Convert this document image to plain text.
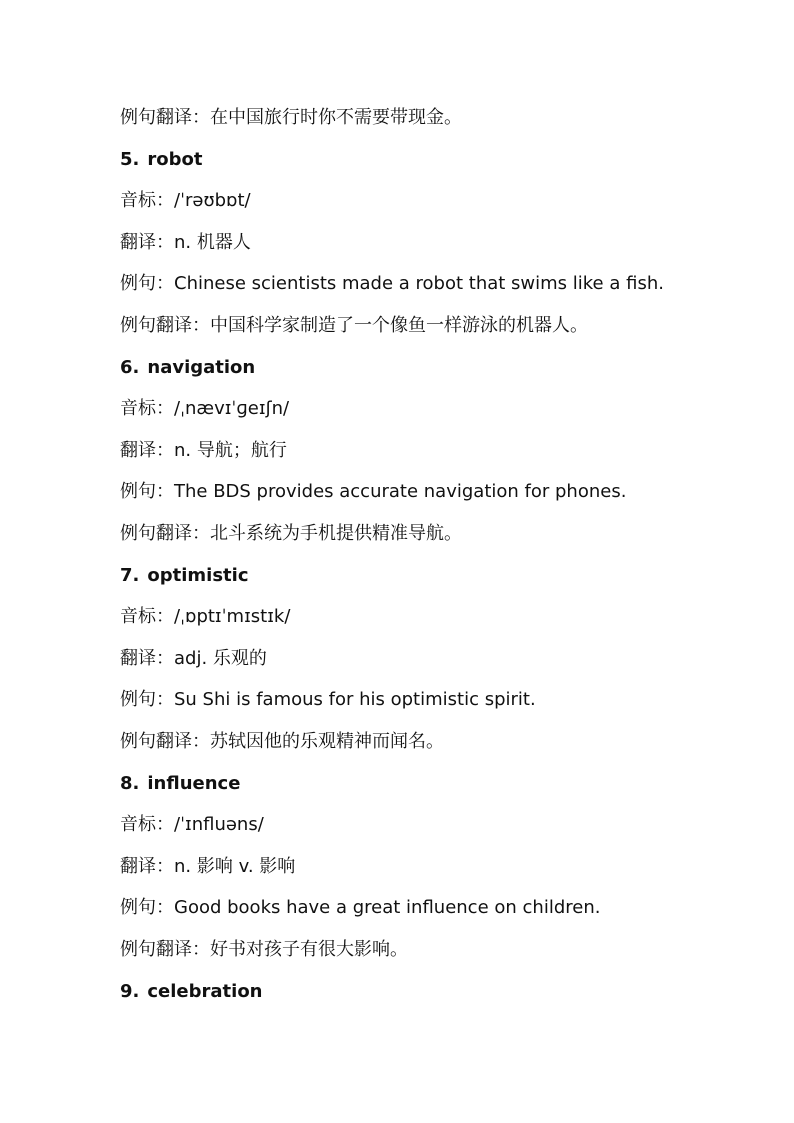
例句翻译：在中国旅行时你不需要带现金。
5. robot
音标：/ˈrəʊbɒt/
翻译：n. 机器人
例句：Chinese scientists made a robot that swims like a fish.
例句翻译：中国科学家制造了一个像鱼一样游泳的机器人。
6. navigation
音标：/ˌnævɪˈɡeɪʃn/
翻译：n. 导航；航行
例句：The BDS provides accurate navigation for phones.
例句翻译：北斗系统为手机提供精准导航。
7. optimistic
音标：/ˌɒptɪˈmɪstɪk/
翻译：adj. 乐观的
例句：Su Shi is famous for his optimistic spirit.
例句翻译：苏轼因他的乐观精神而闻名。
8. influence
音标：/ˈɪnfluəns/
翻译：n. 影响 v. 影响
例句：Good books have a great influence on children.
例句翻译：好书对孩子有很大影响。
9. celebration
